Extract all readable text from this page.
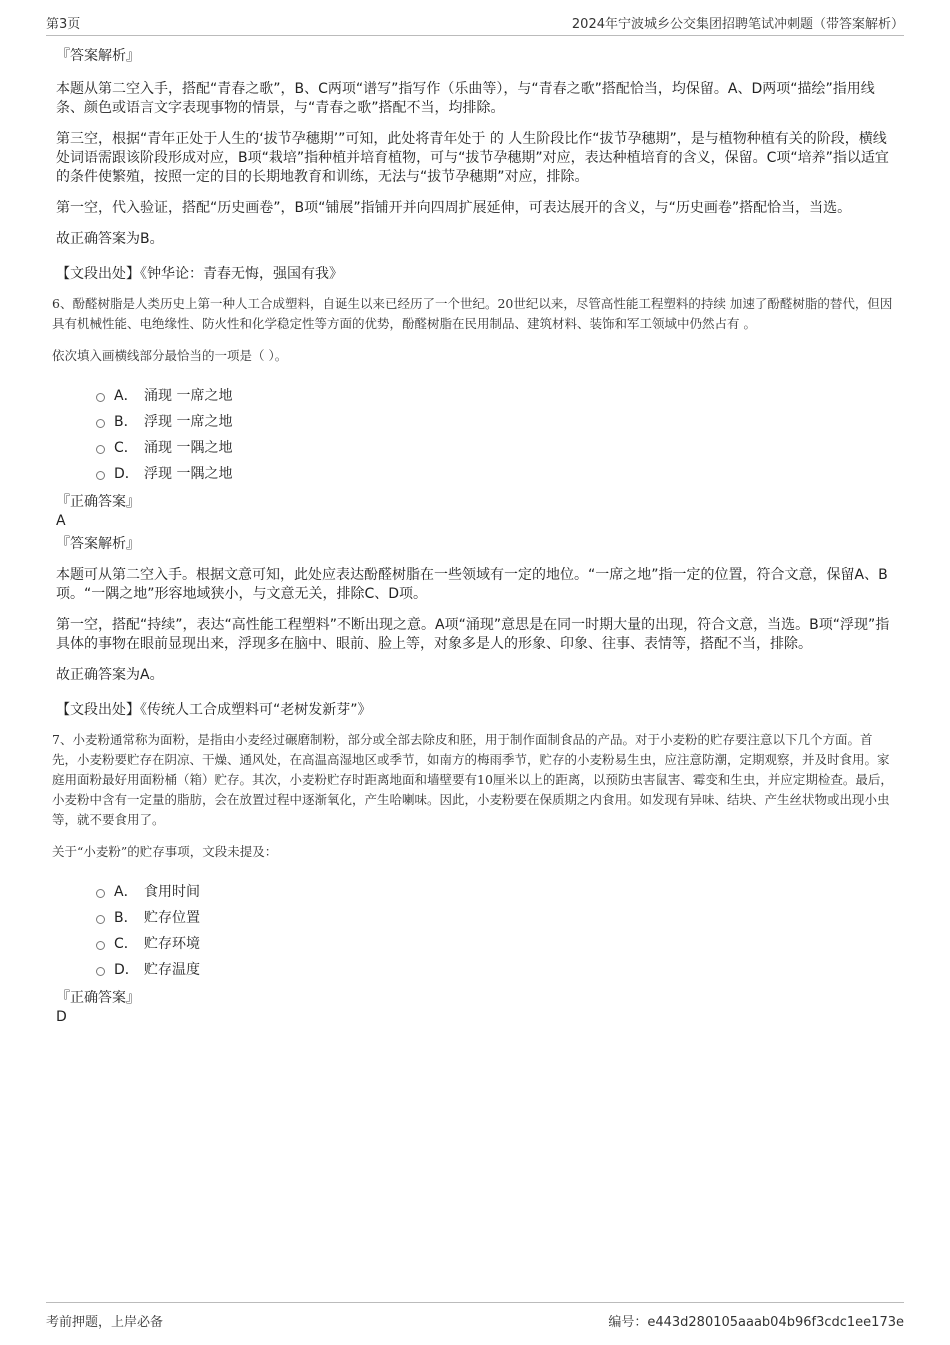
第3页	2024年宁波城乡公交集团招聘笔试冲刺题（带答案解析）
『答案解析』

本题从第二空入手，搭配“青春之歌”，B、C两项“谱写”指写作（乐曲等），与“青春之歌”搭配恰当，均保留。A、D两项“描绘”指用线条、颜色或语言文字表现事物的情景，与“青春之歌”搭配不当，均排除。

第三空，根据“青年正处于人生的‘拔节孕穗期’”可知，此处将青年处于 的 人生阶段比作“拔节孕穗期”，是与植物种植有关的阶段，横线处词语需跟该阶段形成对应，B项“栽培”指种植并培育植物，可与“拔节孕穗期”对应，表达种植培育的含义，保留。C项“培养”指以适宜的条件使繁殖，按照一定的目的长期地教育和训练，无法与“拔节孕穗期”对应，排除。

第一空，代入验证，搭配“历史画卷”，B项“铺展”指铺开并向四周扩展延伸，可表达展开的含义，与“历史画卷”搭配恰当，当选。

故正确答案为B。

【文段出处】《钟华论：青春无悔，强国有我》

6、酚醛树脂是人类历史上第一种人工合成塑料，自诞生以来已经历了一个世纪。20世纪以来，尽管高性能工程塑料的持续 加速了酚醛树脂的替代，但因具有机械性能、电绝缘性、防火性和化学稳定性等方面的优势，酚醛树脂在民用制品、建筑材料、装饰和军工领域中仍然占有 。

依次填入画横线部分最恰当的一项是（ ）。

A． 涌现 一席之地
B． 浮现 一席之地
C． 涌现 一隅之地
D． 浮现 一隅之地
『正确答案』
A
『答案解析』

本题可从第二空入手。根据文意可知，此处应表达酚醛树脂在一些领域有一定的地位。“一席之地”指一定的位置，符合文意，保留A、B项。“一隅之地”形容地域狭小，与文意无关，排除C、D项。

第一空，搭配“持续”，表达“高性能工程塑料”不断出现之意。A项“涌现”意思是在同一时期大量的出现，符合文意，当选。B项“浮现”指具体的事物在眼前显现出来，浮现多在脑中、眼前、脸上等，对象多是人的形象、印象、往事、表情等，搭配不当，排除。

故正确答案为A。

【文段出处】《传统人工合成塑料可“老树发新芽”》

7、小麦粉通常称为面粉，是指由小麦经过碾磨制粉，部分或全部去除皮和胚，用于制作面制食品的产品。对于小麦粉的贮存要注意以下几个方面。首先，小麦粉要贮存在阴凉、干燥、通风处，在高温高湿地区或季节，如南方的梅雨季节，贮存的小麦粉易生虫，应注意防潮，定期观察，并及时食用。家庭用面粉最好用面粉桶（箱）贮存。其次，小麦粉贮存时距离地面和墙壁要有10厘米以上的距离，以预防虫害鼠害、霉变和生虫，并应定期检查。最后，小麦粉中含有一定量的脂肪，会在放置过程中逐渐氧化，产生哈喇味。因此，小麦粉要在保质期之内食用。如发现有异味、结块、产生丝状物或出现小虫等，就不要食用了。

关于“小麦粉”的贮存事项，文段未提及：

A． 食用时间
B． 贮存位置
C． 贮存环境
D． 贮存温度
『正确答案』
D
考前押题，上岸必备	编号：e443d280105aaab04b96f3cdc1ee173e
